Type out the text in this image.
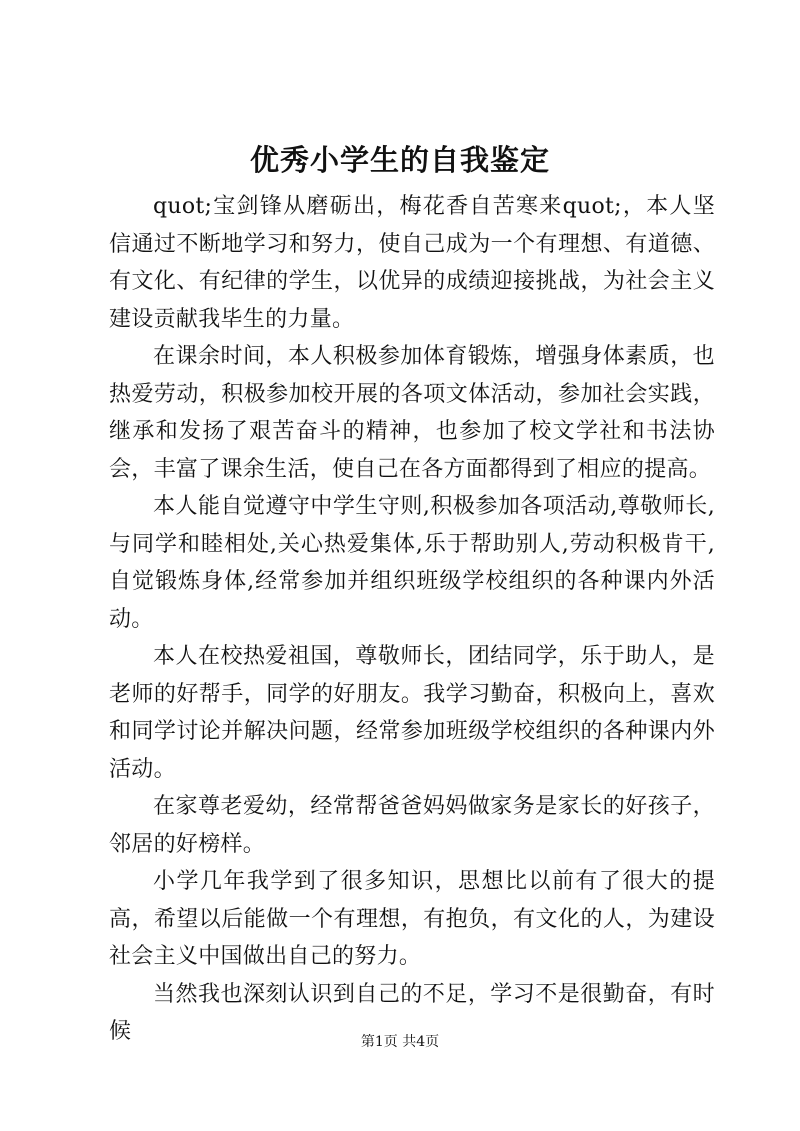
优秀小学生的自我鉴定

quot;宝剑锋从磨砺出，梅花香自苦寒来quot;，本人坚信通过不断地学习和努力，使自己成为一个有理想、有道德、有文化、有纪律的学生，以优异的成绩迎接挑战，为社会主义建设贡献我毕生的力量。

在课余时间，本人积极参加体育锻炼，增强身体素质，也热爱劳动，积极参加校开展的各项文体活动，参加社会实践，继承和发扬了艰苦奋斗的精神，也参加了校文学社和书法协会，丰富了课余生活，使自己在各方面都得到了相应的提高。

本人能自觉遵守中学生守则,积极参加各项活动,尊敬师长,与同学和睦相处,关心热爱集体,乐于帮助别人,劳动积极肯干,自觉锻炼身体,经常参加并组织班级学校组织的各种课内外活动。

本人在校热爱祖国，尊敬师长，团结同学，乐于助人，是老师的好帮手，同学的好朋友。我学习勤奋，积极向上，喜欢和同学讨论并解决问题，经常参加班级学校组织的各种课内外活动。

在家尊老爱幼，经常帮爸爸妈妈做家务是家长的好孩子，邻居的好榜样。

小学几年我学到了很多知识，思想比以前有了很大的提高，希望以后能做一个有理想，有抱负，有文化的人，为建设社会主义中国做出自己的努力。

当然我也深刻认识到自己的不足，学习不是很勤奋，有时候	第1页 共4页
